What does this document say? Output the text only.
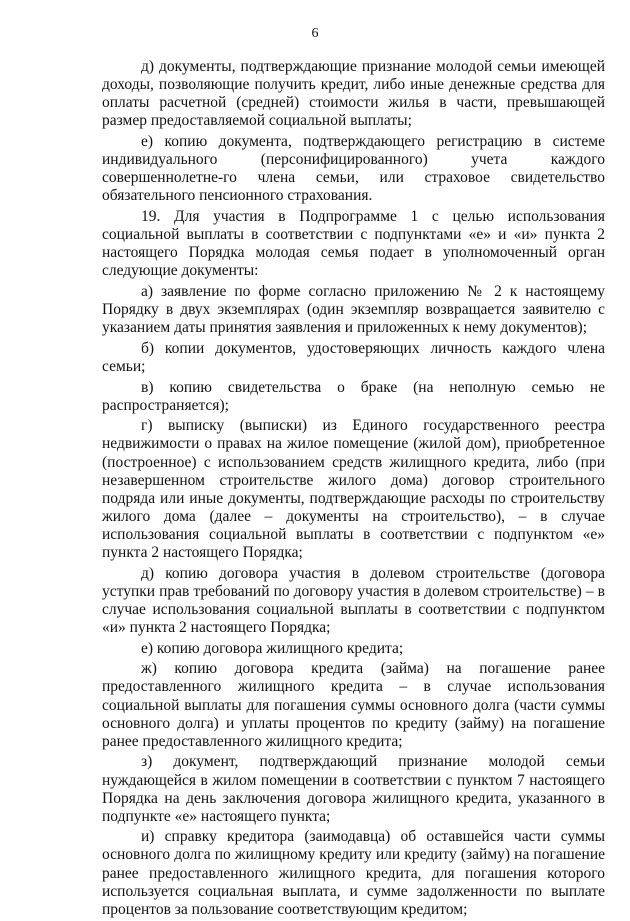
6

д) документы, подтверждающие признание молодой семьи имеющей доходы, позволяющие получить кредит, либо иные денежные средства для оплаты расчетной (средней) стоимости жилья в части, превышающей размер предоставляемой социальной выплаты;

е) копию документа, подтверждающего регистрацию в системе индивидуального (персонифицированного) учета каждого совершеннолетне-го члена семьи, или страховое свидетельство обязательного пенсионного страхования.

19. Для участия в Подпрограмме 1 с целью использования социальной выплаты в соответствии с подпунктами «е» и «и» пункта 2 настоящего Порядка молодая семья подает в уполномоченный орган следующие документы:

а) заявление по форме согласно приложению № 2 к настоящему Порядку в двух экземплярах (один экземпляр возвращается заявителю с указанием даты принятия заявления и приложенных к нему документов);

б) копии документов, удостоверяющих личность каждого члена семьи;

в) копию свидетельства о браке (на неполную семью не распространяется);

г) выписку (выписки) из Единого государственного реестра недвижимости о правах на жилое помещение (жилой дом), приобретенное (построенное) с использованием средств жилищного кредита, либо (при незавершенном строительстве жилого дома) договор строительного подряда или иные документы, подтверждающие расходы по строительству жилого дома (далее – документы на строительство), – в случае использования социальной выплаты в соответствии с подпунктом «е» пункта 2 настоящего Порядка;

д) копию договора участия в долевом строительстве (договора уступки прав требований по договору участия в долевом строительстве) – в случае использования социальной выплаты в соответствии с подпунктом «и» пункта 2 настоящего Порядка;

е) копию договора жилищного кредита;

ж) копию договора кредита (займа) на погашение ранее предоставленного жилищного кредита – в случае использования социальной выплаты для погашения суммы основного долга (части суммы основного долга) и уплаты процентов по кредиту (займу) на погашение ранее предоставленного жилищного кредита;

з) документ, подтверждающий признание молодой семьи нуждающейся в жилом помещении в соответствии с пунктом 7 настоящего Порядка на день заключения договора жилищного кредита, указанного в подпункте «е» настоящего пункта;

и) справку кредитора (заимодавца) об оставшейся части суммы основного долга по жилищному кредиту или кредиту (займу) на погашение ранее предоставленного жилищного кредита, для погашения которого используется социальная выплата, и сумме задолженности по выплате процентов за пользование соответствующим кредитом;
